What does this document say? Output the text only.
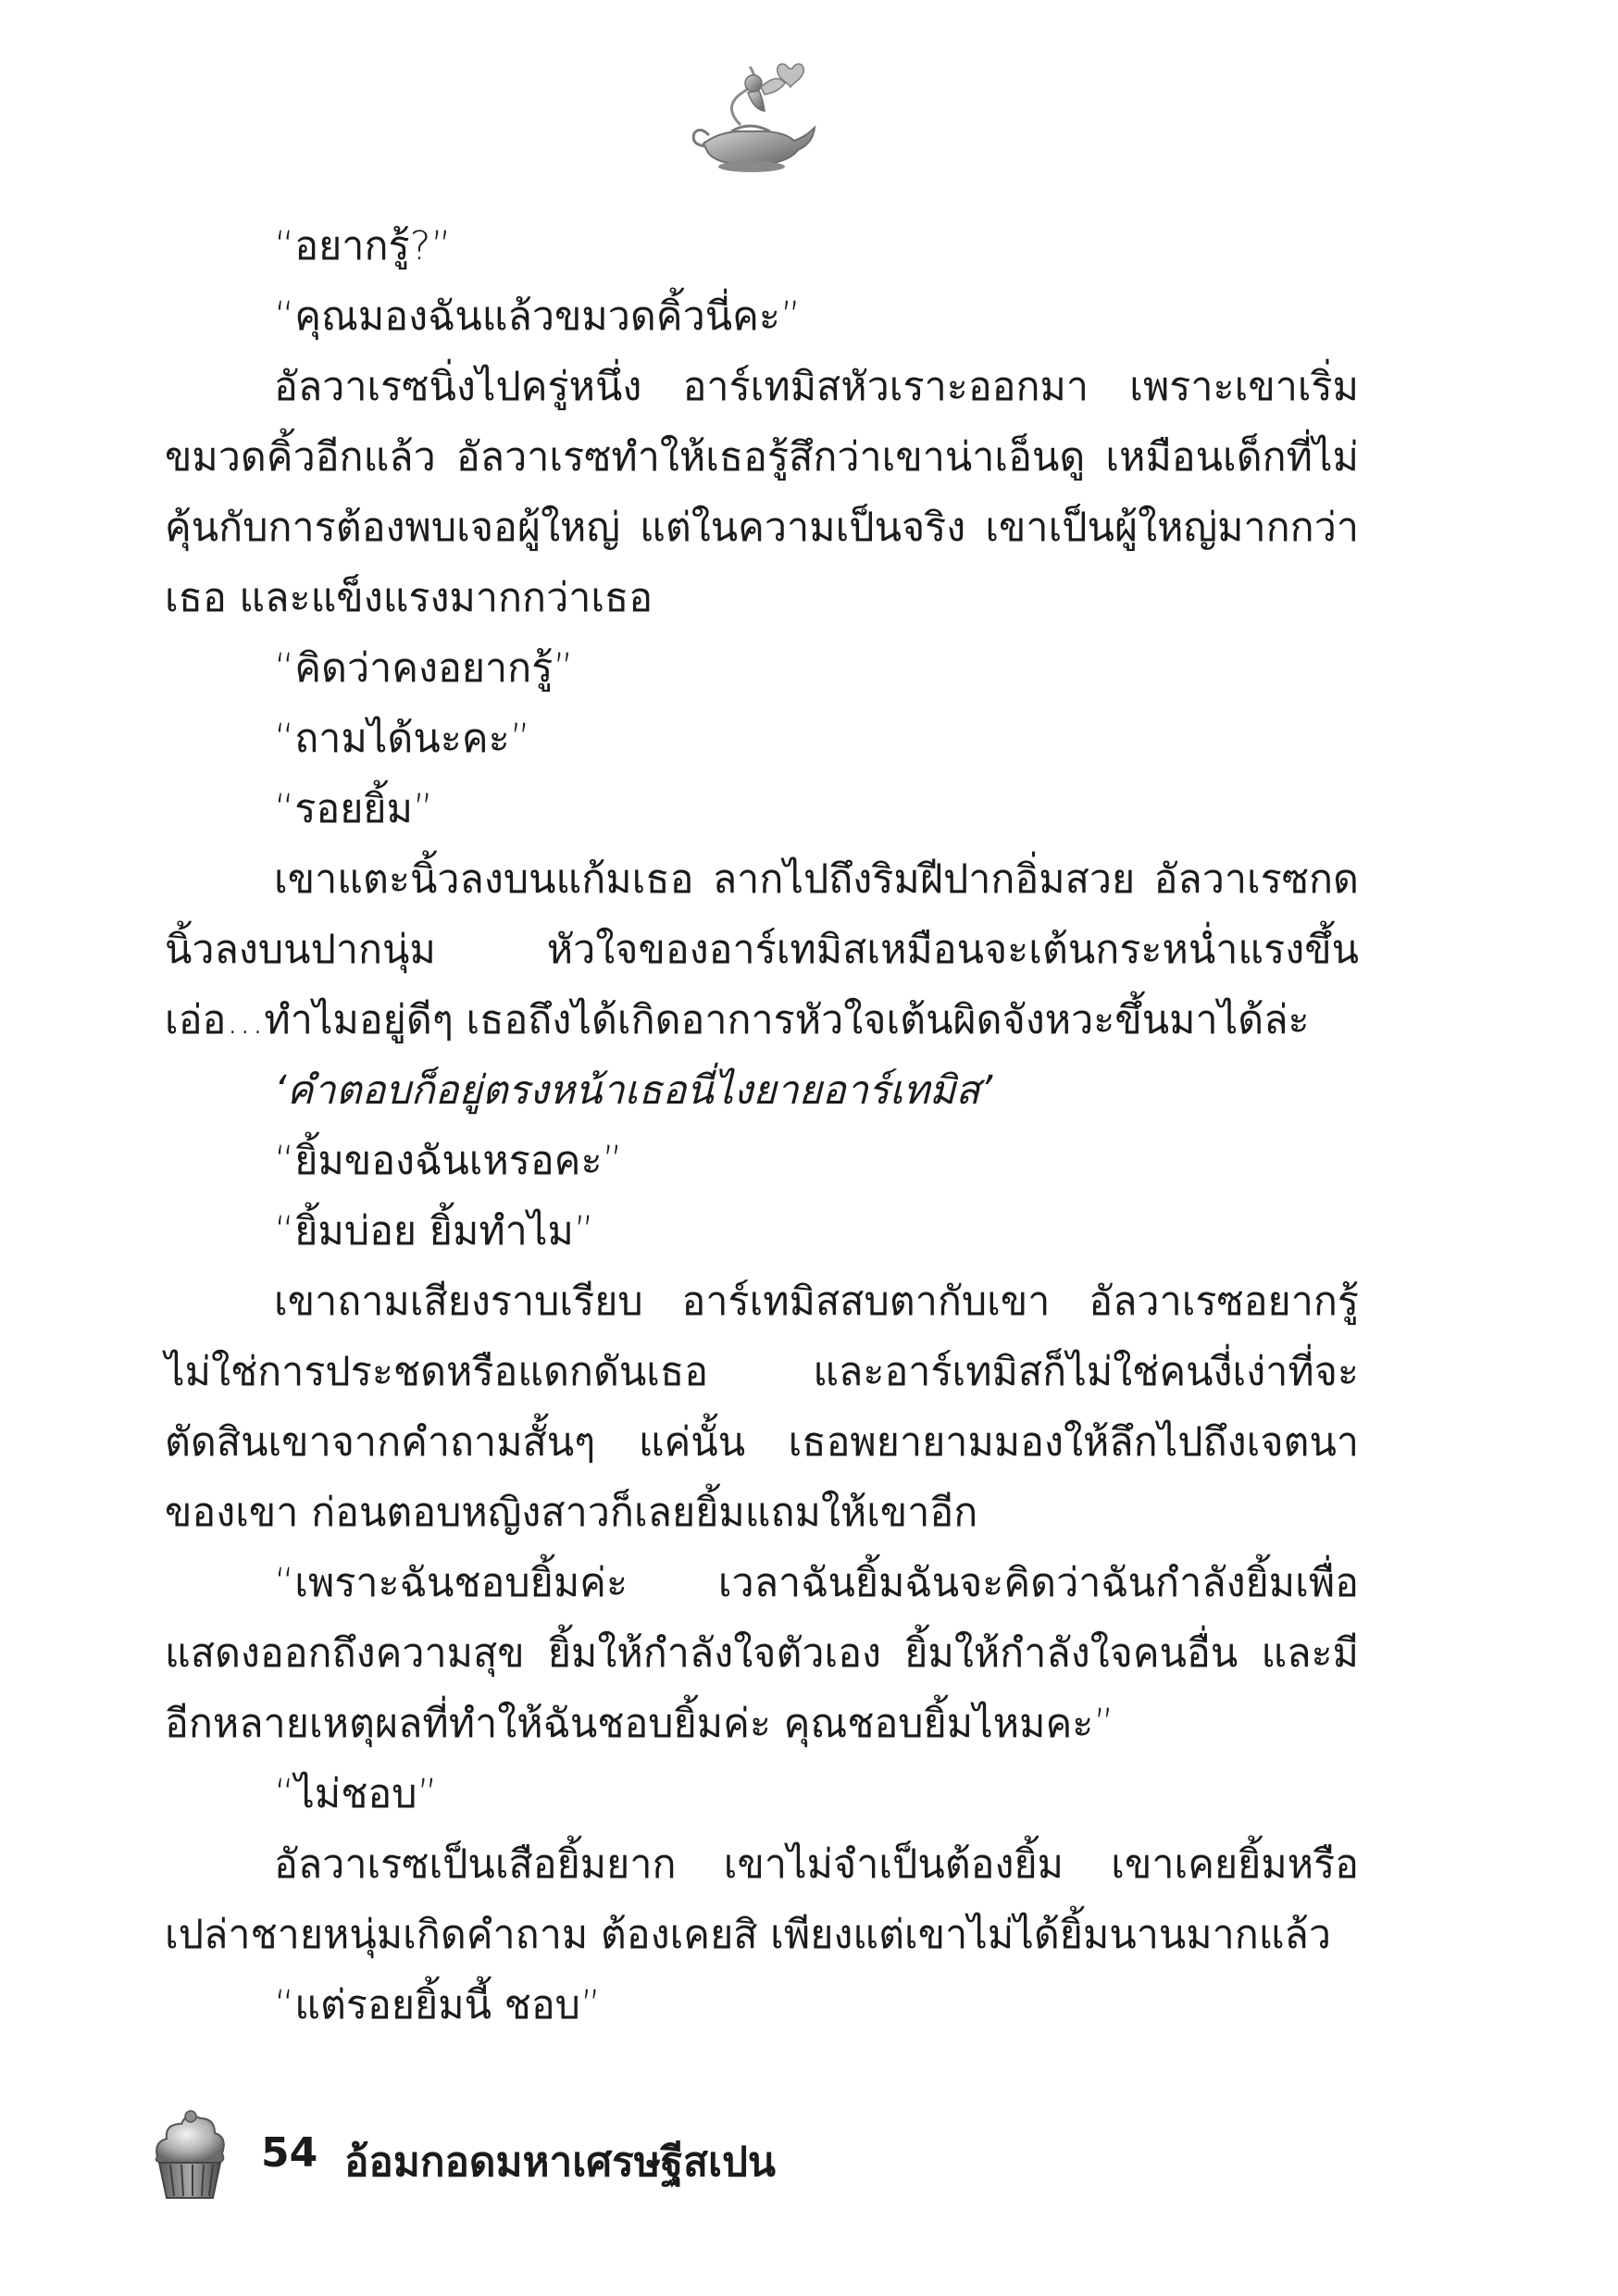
“อยากรู้?”

“คุณมองฉันแล้วขมวดคิ้วนี่คะ”

อัลวาเรซนิ่งไปครู่หนึ่ง อาร์เทมิสหัวเราะออกมา เพราะเขาเริ่มขมวดคิ้วอีกแล้ว อัลวาเรซทำให้เธอรู้สึกว่าเขาน่าเอ็นดู เหมือนเด็กที่ไม่คุ้นกับการต้องพบเจอผู้ใหญ่ แต่ในความเป็นจริง เขาเป็นผู้ใหญ่มากกว่าเธอ และแข็งแรงมากกว่าเธอ

“คิดว่าคงอยากรู้”

“ถามได้นะคะ”

“รอยยิ้ม”

เขาแตะนิ้วลงบนแก้มเธอ ลากไปถึงริมฝีปากอิ่มสวย อัลวาเรซกดนิ้วลงบนปากนุ่ม หัวใจของอาร์เทมิสเหมือนจะเต้นกระหน่ำแรงขึ้น เอ่อ...ทำไมอยู่ดีๆ เธอถึงได้เกิดอาการหัวใจเต้นผิดจังหวะขึ้นมาได้ล่ะ

‘คำตอบก็อยู่ตรงหน้าเธอนี่ไงยายอาร์เทมิส’

“ยิ้มของฉันเหรอคะ”

“ยิ้มบ่อย ยิ้มทำไม”

เขาถามเสียงราบเรียบ อาร์เทมิสสบตากับเขา อัลวาเรซอยากรู้ ไม่ใช่การประชดหรือแดกดันเธอ และอาร์เทมิสก็ไม่ใช่คนงี่เง่าที่จะตัดสินเขาจากคำถามสั้นๆ แค่นั้น เธอพยายามมองให้ลึกไปถึงเจตนาของเขา ก่อนตอบหญิงสาวก็เลยยิ้มแถมให้เขาอีก

“เพราะฉันชอบยิ้มค่ะ เวลาฉันยิ้มฉันจะคิดว่าฉันกำลังยิ้มเพื่อแสดงออกถึงความสุข ยิ้มให้กำลังใจตัวเอง ยิ้มให้กำลังใจคนอื่น และมีอีกหลายเหตุผลที่ทำให้ฉันชอบยิ้มค่ะ คุณชอบยิ้มไหมคะ”

“ไม่ชอบ”

อัลวาเรซเป็นเสือยิ้มยาก เขาไม่จำเป็นต้องยิ้ม เขาเคยยิ้มหรือเปล่าชายหนุ่มเกิดคำถาม ต้องเคยสิ เพียงแต่เขาไม่ได้ยิ้มนานมากแล้ว

“แต่รอยยิ้มนี้ ชอบ”

54 อ้อมกอดมหาเศรษฐีสเปน
